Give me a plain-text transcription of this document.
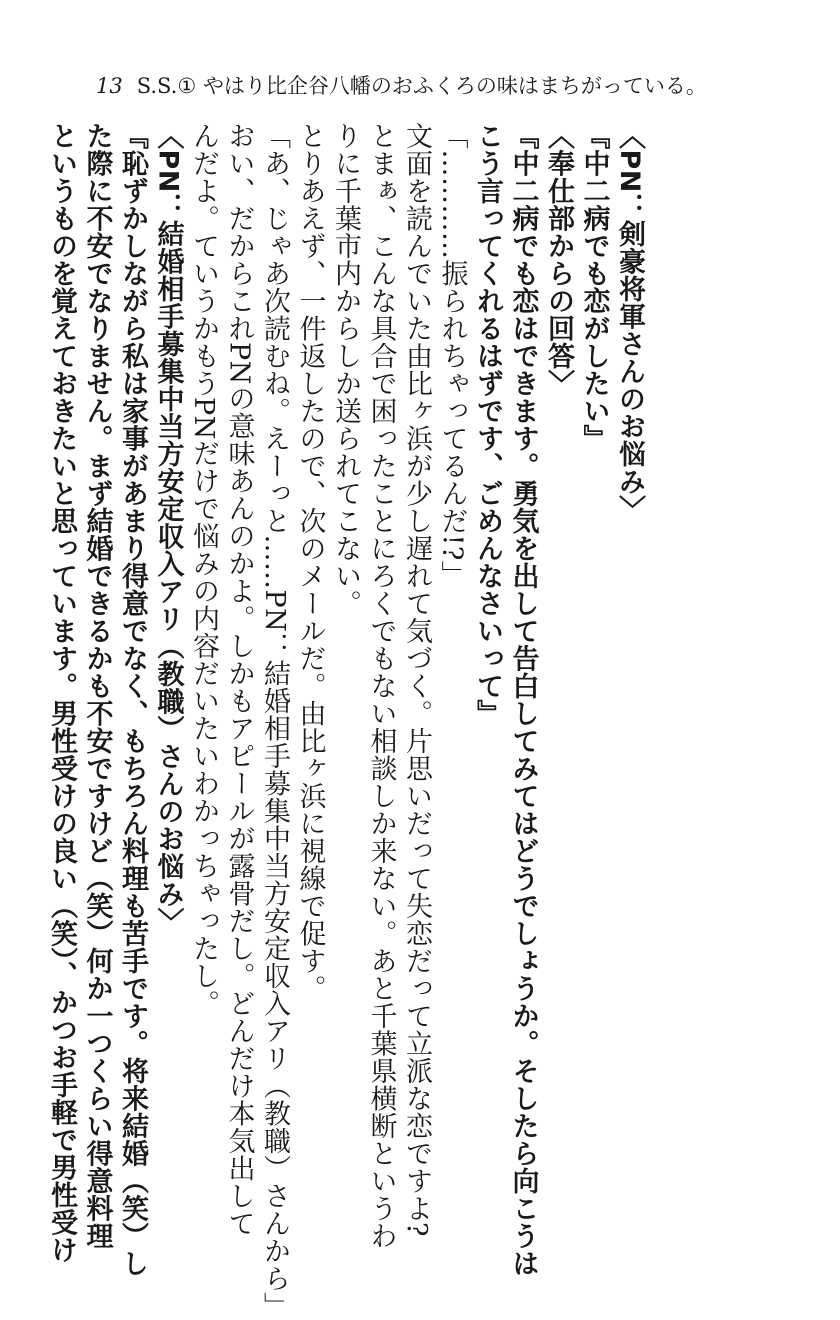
13 S.S.① やはり比企谷八幡のおふくろの味はまちがっている。
〈PN：剣豪将軍さんのお悩み〉
『中二病でも恋がしたい』
〈奉仕部からの回答〉
『中二病でも恋はできます。勇気を出して告白してみてはどうでしょうか。そしたら向こうは
こう言ってくれるはずです、ごめんなさいって』
「…………振られちゃってるんだ!?」
文面を読んでいた由比ヶ浜が少し遅れて気づく。片思いだって失恋だって立派な恋ですよ?
とまぁ、こんな具合で困ったことにろくでもない相談しか来ない。あと千葉県横断というわ
りに千葉市内からしか送られてこない。
とりあえず、一件返したので、次のメールだ。由比ヶ浜に視線で促す。
「あ、じゃあ次読むね。えーっと……PN：結婚相手募集中当方安定収入アリ（教職）さんから」
おい、だからこれPNの意味あんのかよ。しかもアピールが露骨だし。どんだけ本気出して
んだよ。ていうかもうPNだけで悩みの内容だいたいわかっちゃったし。
〈PN：結婚相手募集中当方安定収入アリ（教職）さんのお悩み〉
『恥ずかしながら私は家事があまり得意でなく、もちろん料理も苦手です。将来結婚（笑）し
た際に不安でなりません。まず結婚できるかも不安ですけど（笑）何か一つくらい得意料理
というものを覚えておきたいと思っています。男性受けの良い（笑）、かつお手軽で男性受け
